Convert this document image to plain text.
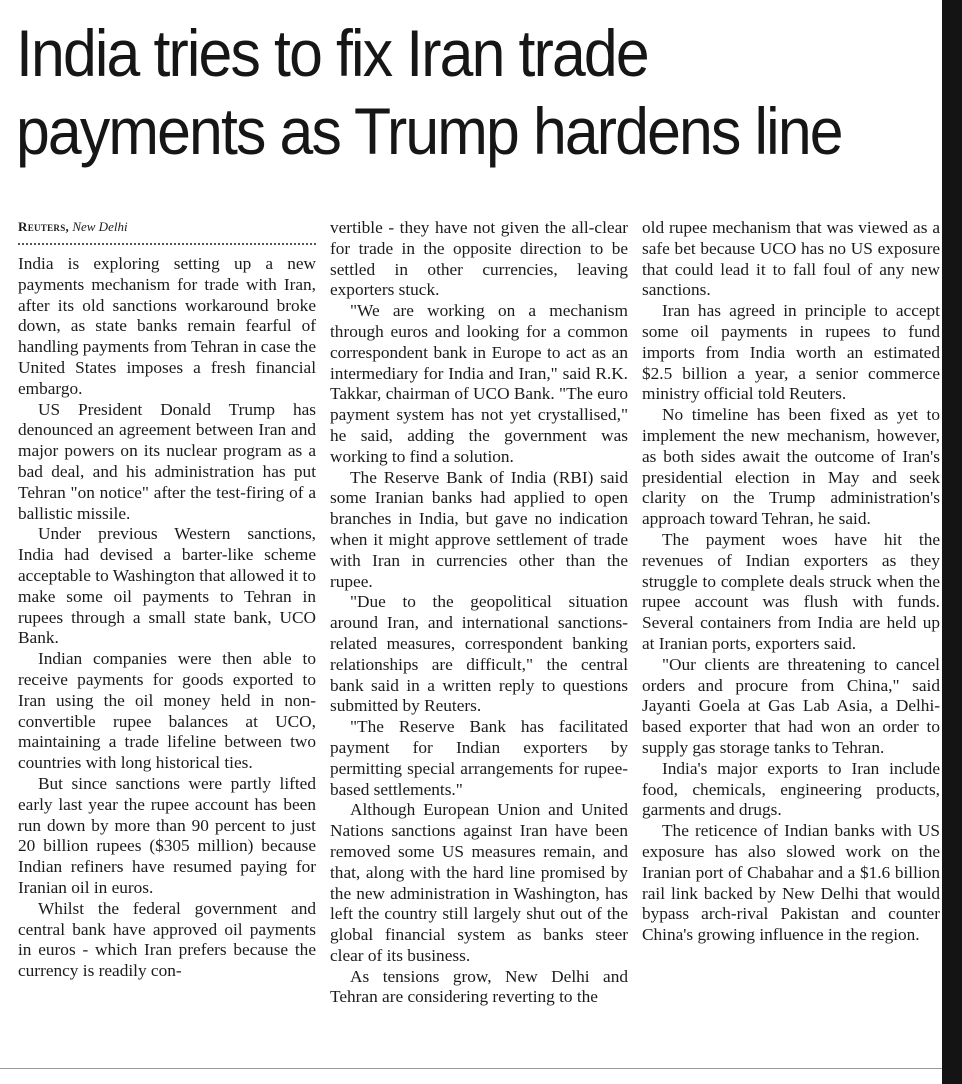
India tries to fix Iran trade
payments as Trump hardens line
Reuters, New Delhi

India is exploring setting up a new payments mechanism for trade with Iran, after its old sanctions workaround broke down, as state banks remain fearful of handling payments from Tehran in case the United States imposes a fresh financial embargo.

US President Donald Trump has denounced an agreement between Iran and major powers on its nuclear program as a bad deal, and his administration has put Tehran "on notice" after the test-firing of a ballistic missile.

Under previous Western sanctions, India had devised a barter-like scheme acceptable to Washington that allowed it to make some oil payments to Tehran in rupees through a small state bank, UCO Bank.

Indian companies were then able to receive payments for goods exported to Iran using the oil money held in non-convertible rupee balances at UCO, maintaining a trade lifeline between two countries with long historical ties.

But since sanctions were partly lifted early last year the rupee account has been run down by more than 90 percent to just 20 billion rupees ($305 million) because Indian refiners have resumed paying for Iranian oil in euros.

Whilst the federal government and central bank have approved oil payments in euros - which Iran prefers because the currency is readily con-

vertible - they have not given the all-clear for trade in the opposite direction to be settled in other currencies, leaving exporters stuck.

"We are working on a mechanism through euros and looking for a common correspondent bank in Europe to act as an intermediary for India and Iran," said R.K. Takkar, chairman of UCO Bank. "The euro payment system has not yet crystallised," he said, adding the government was working to find a solution.

The Reserve Bank of India (RBI) said some Iranian banks had applied to open branches in India, but gave no indication when it might approve settlement of trade with Iran in currencies other than the rupee.

"Due to the geopolitical situation around Iran, and international sanctions-related measures, correspondent banking relationships are difficult," the central bank said in a written reply to questions submitted by Reuters.

"The Reserve Bank has facilitated payment for Indian exporters by permitting special arrangements for rupee-based settlements."

Although European Union and United Nations sanctions against Iran have been removed some US measures remain, and that, along with the hard line promised by the new administration in Washington, has left the country still largely shut out of the global financial system as banks steer clear of its business.

As tensions grow, New Delhi and Tehran are considering reverting to the

old rupee mechanism that was viewed as a safe bet because UCO has no US exposure that could lead it to fall foul of any new sanctions.

Iran has agreed in principle to accept some oil payments in rupees to fund imports from India worth an estimated $2.5 billion a year, a senior commerce ministry official told Reuters.

No timeline has been fixed as yet to implement the new mechanism, however, as both sides await the outcome of Iran's presidential election in May and seek clarity on the Trump administration's approach toward Tehran, he said.

The payment woes have hit the revenues of Indian exporters as they struggle to complete deals struck when the rupee account was flush with funds. Several containers from India are held up at Iranian ports, exporters said.

"Our clients are threatening to cancel orders and procure from China," said Jayanti Goela at Gas Lab Asia, a Delhi-based exporter that had won an order to supply gas storage tanks to Tehran.

India's major exports to Iran include food, chemicals, engineering products, garments and drugs.

The reticence of Indian banks with US exposure has also slowed work on the Iranian port of Chabahar and a $1.6 billion rail link backed by New Delhi that would bypass arch-rival Pakistan and counter China's growing influence in the region.
